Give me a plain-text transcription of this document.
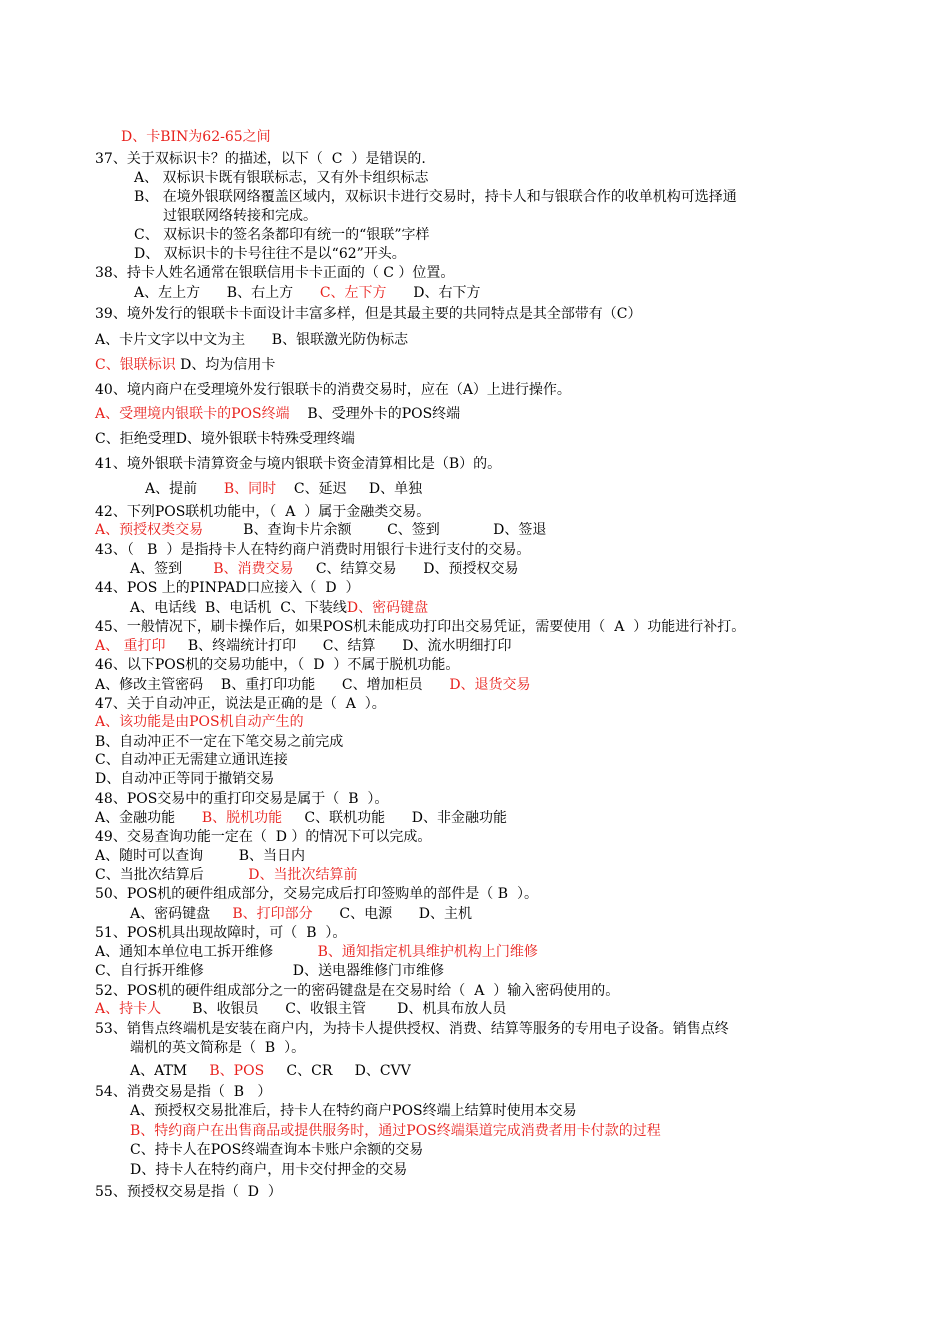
D、卡BIN为62-65之间
37、关于双标识卡？的描述，以下（  C  ）是错误的.
A、 双标识卡既有银联标志，又有外卡组织标志
B、 在境外银联网络覆盖区域内，双标识卡进行交易时，持卡人和与银联合作的收单机构可选择通
过银联网络转接和完成。
C、 双标识卡的签名条都印有统一的“银联”字样
D、 双标识卡的卡号往往不是以“62”开头。
38、持卡人姓名通常在银联信用卡卡正面的（ C ）位置。
A、左上方      B、右上方      C、左下方      D、右下方
39、境外发行的银联卡卡面设计丰富多样，但是其最主要的共同特点是其全部带有（C）
A、卡片文字以中文为主      B、银联激光防伪标志
C、银联标识 D、均为信用卡
40、境内商户在受理境外发行银联卡的消费交易时，应在（A）上进行操作。
A、受理境内银联卡的POS终端    B、受理外卡的POS终端
C、拒绝受理D、境外银联卡特殊受理终端
41、境外银联卡清算资金与境内银联卡资金清算相比是（B）的。
A、提前      B、同时    C、延迟     D、单独
42、下列POS联机功能中，（  A  ）属于金融类交易。
A、预授权类交易         B、查询卡片余额        C、签到            D、签退
43、（   B  ）是指持卡人在特约商户消费时用银行卡进行支付的交易。
A、签到       B、消费交易     C、结算交易      D、预授权交易
44、POS 上的PINPAD口应接入（  D  ）
A、电话线  B、电话机  C、下装线D、密码键盘
45、一般情况下，刷卡操作后，如果POS机未能成功打印出交易凭证，需要使用（  A  ）功能进行补打。
A、 重打印     B、终端统计打印      C、结算      D、流水明细打印
46、以下POS机的交易功能中，（  D  ）不属于脱机功能。
A、修改主管密码    B、重打印功能      C、增加柜员      D、退货交易
47、关于自动冲正，说法是正确的是（  A  ）。
A、该功能是由POS机自动产生的
B、自动冲正不一定在下笔交易之前完成
C、自动冲正无需建立通讯连接
D、自动冲正等同于撤销交易
48、POS交易中的重打印交易是属于（  B  ）。
A、金融功能      B、脱机功能     C、联机功能      D、非金融功能
49、交易查询功能一定在（  D ）的情况下可以完成。
A、随时可以查询        B、当日内
C、当批次结算后          D、当批次结算前
50、POS机的硬件组成部分，交易完成后打印签购单的部件是（ B  ）。
A、密码键盘     B、打印部分      C、电源      D、主机
51、POS机具出现故障时，可（  B  ）。
A、通知本单位电工拆开维修          B、通知指定机具维护机构上门维修
C、自行拆开维修                    D、送电器维修门市维修
52、POS机的硬件组成部分之一的密码键盘是在交易时给（  A  ）输入密码使用的。
A、持卡人       B、收银员      C、收银主管       D、机具布放人员
53、销售点终端机是安装在商户内，为持卡人提供授权、消费、结算等服务的专用电子设备。销售点终
端机的英文简称是（  B  ）。
A、ATM     B、POS     C、CR     D、CVV
54、消费交易是指（  B   ）
A、预授权交易批准后，持卡人在特约商户POS终端上结算时使用本交易
B、特约商户在出售商品或提供服务时，通过POS终端渠道完成消费者用卡付款的过程
C、持卡人在POS终端查询本卡账户余额的交易
D、持卡人在特约商户，用卡交付押金的交易
55、预授权交易是指（  D  ）
